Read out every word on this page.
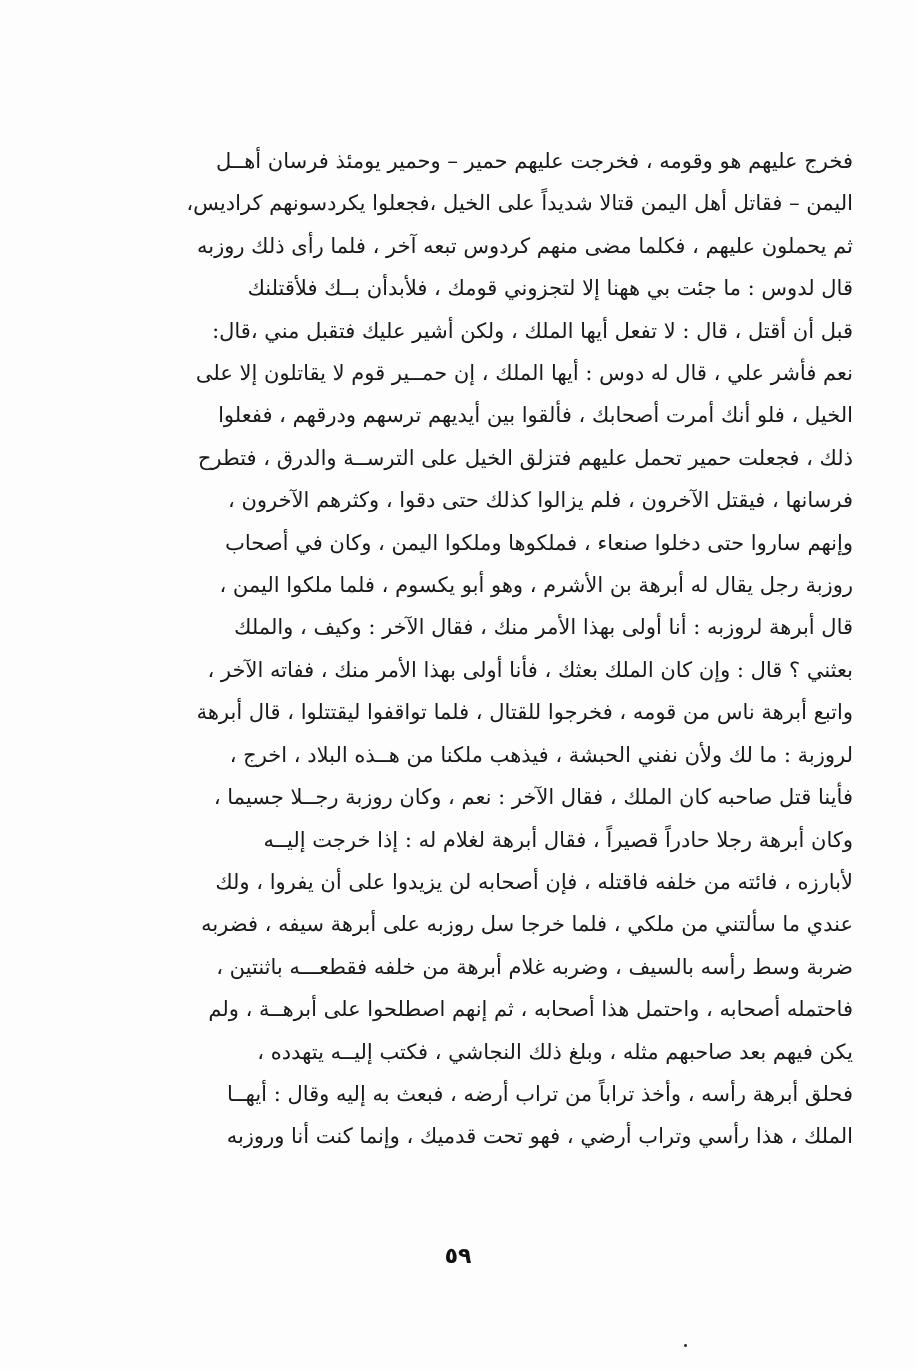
فخرج عليهم هو وقومه ، فخرجت عليهم حمير – وحمير يومئذ فرسان أهــل
اليمن – فقاتل أهل اليمن قتالا شديداً على الخيل ،فجعلوا يكردسونهم كراديس،
ثم يحملون عليهم ، فكلما مضى منهم كردوس تبعه آخر ، فلما رأى ذلك روزبه
قال لدوس : ما جئت بي ههنا إلا لتجزوني قومك ، فلأبدأن بــك فلأقتلنك
قبل أن أقتل ، قال : لا تفعل أيها الملك ، ولكن أشير عليك فتقبل مني ،قال:
نعم فأشر علي ، قال له دوس : أيها الملك ، إن حمــير قوم لا يقاتلون إلا على
الخيل ، فلو أنك أمرت أصحابك ، فألقوا بين أيديهم ترسهم ودرقهم ، ففعلوا
ذلك ، فجعلت حمير تحمل عليهم فتزلق الخيل على الترســة والدرق ، فتطرح
فرسانها ، فيقتل الآخرون ، فلم يزالوا كذلك حتى دقوا ، وكثرهم الآخرون ،
وإنهم ساروا حتى دخلوا صنعاء ، فملكوها وملكوا اليمن ، وكان في أصحاب
روزبة رجل يقال له أبرهة بن الأشرم ، وهو أبو يكسوم ، فلما ملكوا اليمن ،
قال أبرهة لروزبه : أنا أولى بهذا الأمر منك ، فقال الآخر : وكيف ، والملك
بعثني ؟ قال : وإن كان الملك بعثك ، فأنا أولى بهذا الأمر منك ، ففاته الآخر ،
واتبع أبرهة ناس من قومه ، فخرجوا للقتال ، فلما تواقفوا ليقتتلوا ، قال أبرهة
لروزبة : ما لك ولأن نفني الحبشة ، فيذهب ملكنا من هــذه البلاد ، اخرج ،
فأينا قتل صاحبه كان الملك ، فقال الآخر : نعم ، وكان روزبة رجــلا جسيما ،
وكان أبرهة رجلا حادراً قصيراً ، فقال أبرهة لغلام له : إذا خرجت إليــه
لأبارزه ، فائته من خلفه فاقتله ، فإن أصحابه لن يزيدوا على أن يفروا ، ولك
عندي ما سألتني من ملكي ، فلما خرجا سل روزبه على أبرهة سيفه ، فضربه
ضربة وسط رأسه بالسيف ، وضربه غلام أبرهة من خلفه فقطعـــه باثنتين ،
فاحتمله أصحابه ، واحتمل هذا أصحابه ، ثم إنهم اصطلحوا على أبرهــة ، ولم
يكن فيهم بعد صاحبهم مثله ، وبلغ ذلك النجاشي ، فكتب إليــه يتهدده ،
فحلق أبرهة رأسه ، وأخذ تراباً من تراب أرضه ، فبعث به إليه وقال : أيهــا
الملك ، هذا رأسي وتراب أرضي ، فهو تحت قدميك ، وإنما كنت أنا وروزبه
٥٩
